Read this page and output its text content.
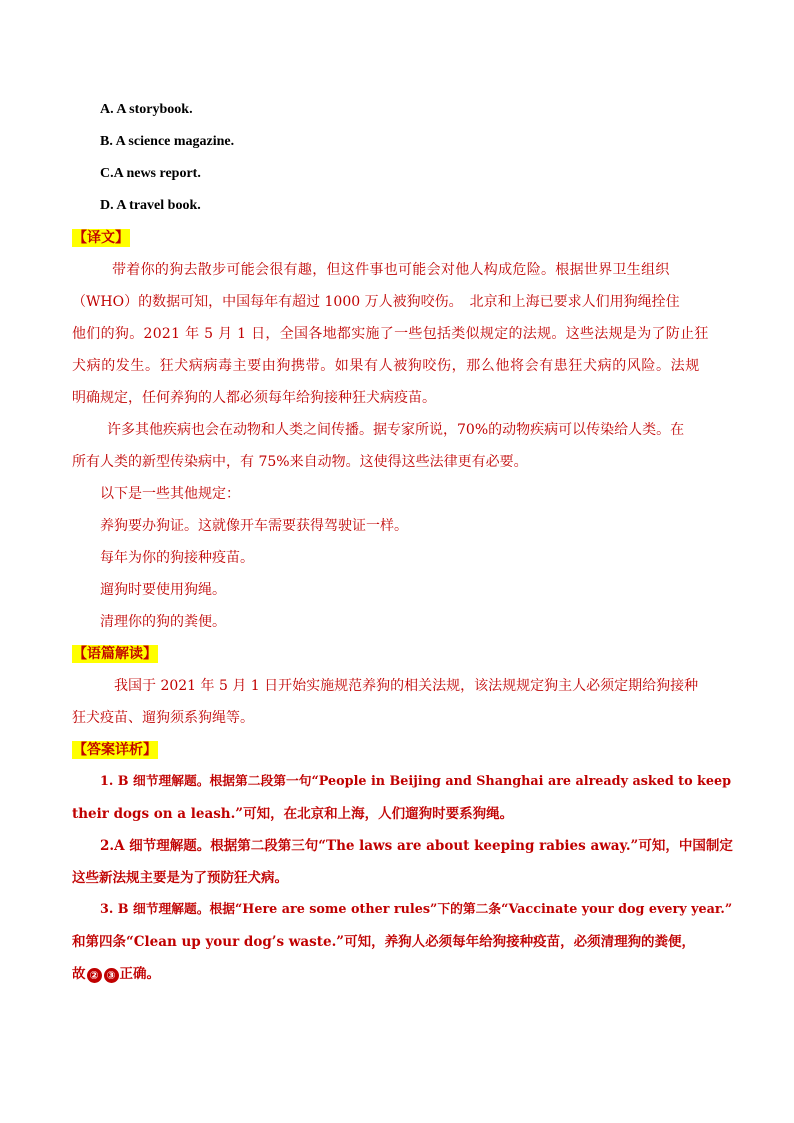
A. A storybook.
B. A science magazine.
C.A news report.
D. A travel book.
【译文】
带着你的狗去散步可能会很有趣，但这件事也可能会对他人构成危险。根据世界卫生组织
（WHO）的数据可知，中国每年有超过 1000 万人被狗咬伤。　北京和上海已要求人们用狗绳拴住
他们的狗。2021 年 5 月 1 日，全国各地都实施了一些包括类似规定的法规。这些法规是为了防止狂
犬病的发生。狂犬病病毒主要由狗携带。如果有人被狗咬伤，那么他将会有患狂犬病的风险。法规
明确规定，任何养狗的人都必须每年给狗接种狂犬病疫苗。
许多其他疾病也会在动物和人类之间传播。据专家所说，70%的动物疾病可以传染给人类。在
所有人类的新型传染病中，有 75%来自动物。这使得这些法律更有必要。
以下是一些其他规定：
养狗要办狗证。这就像开车需要获得驾驶证一样。
每年为你的狗接种疫苗。
遛狗时要使用狗绳。
清理你的狗的粪便。
【语篇解读】
我国于 2021 年 5 月 1 日开始实施规范养狗的相关法规，该法规规定狗主人必须定期给狗接种
狂犬疫苗、遛狗须系狗绳等。
【答案详析】
1. B 细节理解题。根据第二段第一句“People in Beijing and Shanghai are already asked to keep
their dogs on a leash.”可知，在北京和上海，人们遛狗时要系狗绳。
2.A 细节理解题。根据第二段第三句“The laws are about keeping rabies away.”可知，中国制定
这些新法规主要是为了预防狂犬病。
3. B 细节理解题。根据“Here are some other rules”下的第二条“Vaccinate your dog every year.”
和第四条“Clean up your dog’s waste.”可知，养狗人必须每年给狗接种疫苗，必须清理狗的粪便，
故 ② ③ 正确。
